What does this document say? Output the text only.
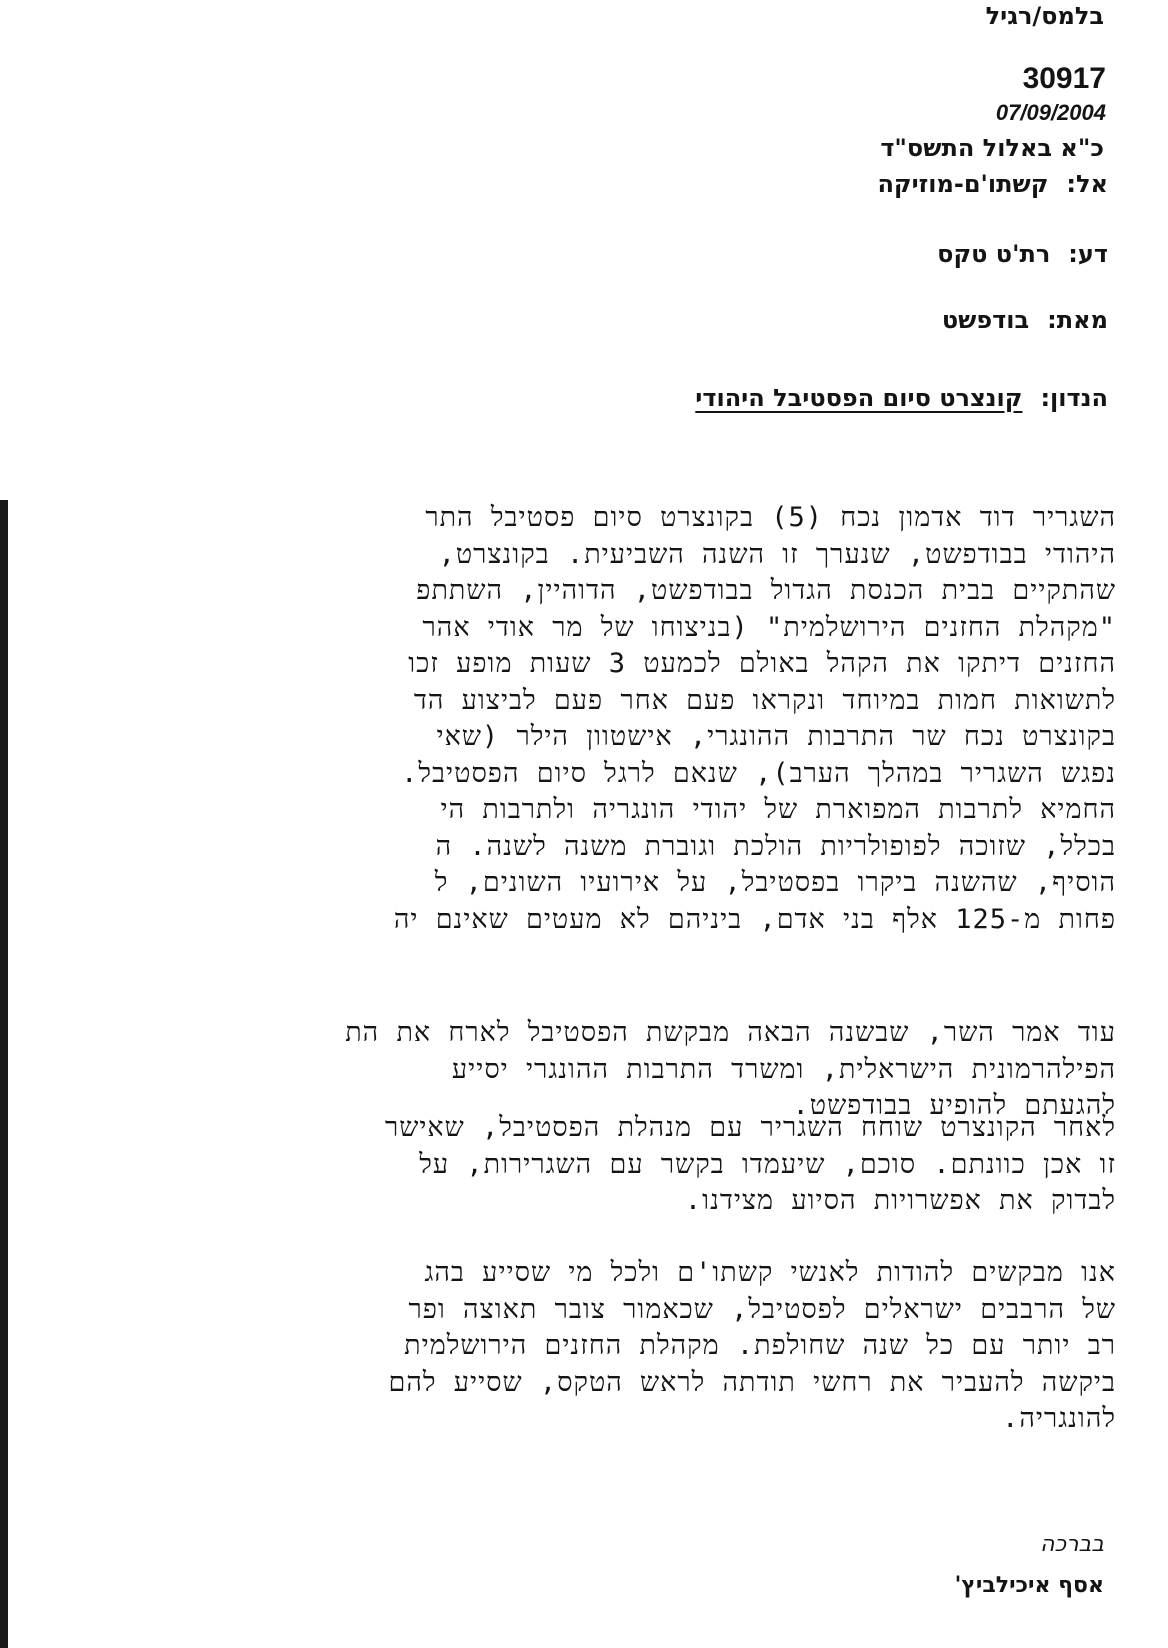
בלמס/רגיל
30917
07/09/2004
כ"א באלול התשס"ד
אל:קשתו'ם-מוזיקה
דע:רת'ט טקס
מאת:בודפשט
הנדון:קונצרט סיום הפסטיבל היהודי
השגריר דוד אדמון נכח (5) בקונצרט סיום פסטיבל התר
היהודי בבודפשט, שנערך זו השנה השביעית. בקונצרט,
שהתקיים בבית הכנסת הגדול בבודפשט, הדוהיין, השתתפ
"מקהלת החזנים הירושלמית" (בניצוחו של מר אודי אהר
החזנים דיתקו את הקהל באולם לכמעט 3 שעות מופע זכו
לתשואות חמות במיוחד ונקראו פעם אחר פעם לביצוע הד
בקונצרט נכח שר התרבות ההונגרי, אישטוון הילר (שאי
נפגש השגריר במהלך הערב), שנאם לרגל סיום הפסטיבל.
החמיא לתרבות המפוארת של יהודי הונגריה ולתרבות הי
בכלל, שזוכה לפופולריות הולכת וגוברת משנה לשנה. ה
הוסיף, שהשנה ביקרו בפסטיבל, על אירועיו השונים, ל
פחות מ-125 אלף בני אדם, ביניהם לא מעטים שאינם יה
עוד אמר השר, שבשנה הבאה מבקשת הפסטיבל לארח את הת
הפילהרמונית הישראלית, ומשרד התרבות ההונגרי יסייע
להגעתם להופיע בבודפשט.
לאחר הקונצרט שוחח השגריר עם מנהלת הפסטיבל, שאישר
זו אכן כוונתם. סוכם, שיעמדו בקשר עם השגרירות, על
לבדוק את אפשרויות הסיוע מצידנו.
אנו מבקשים להודות לאנשי קשתו'ם ולכל מי שסייע בהג
של הרבבים ישראלים לפסטיבל, שכאמור צובר תאוצה ופר
רב יותר עם כל שנה שחולפת. מקהלת החזנים הירושלמית
ביקשה להעביר את רחשי תודתה לראש הטקס, שסייע להם
להונגריה.
בברכה
אסף איכילביץ'
